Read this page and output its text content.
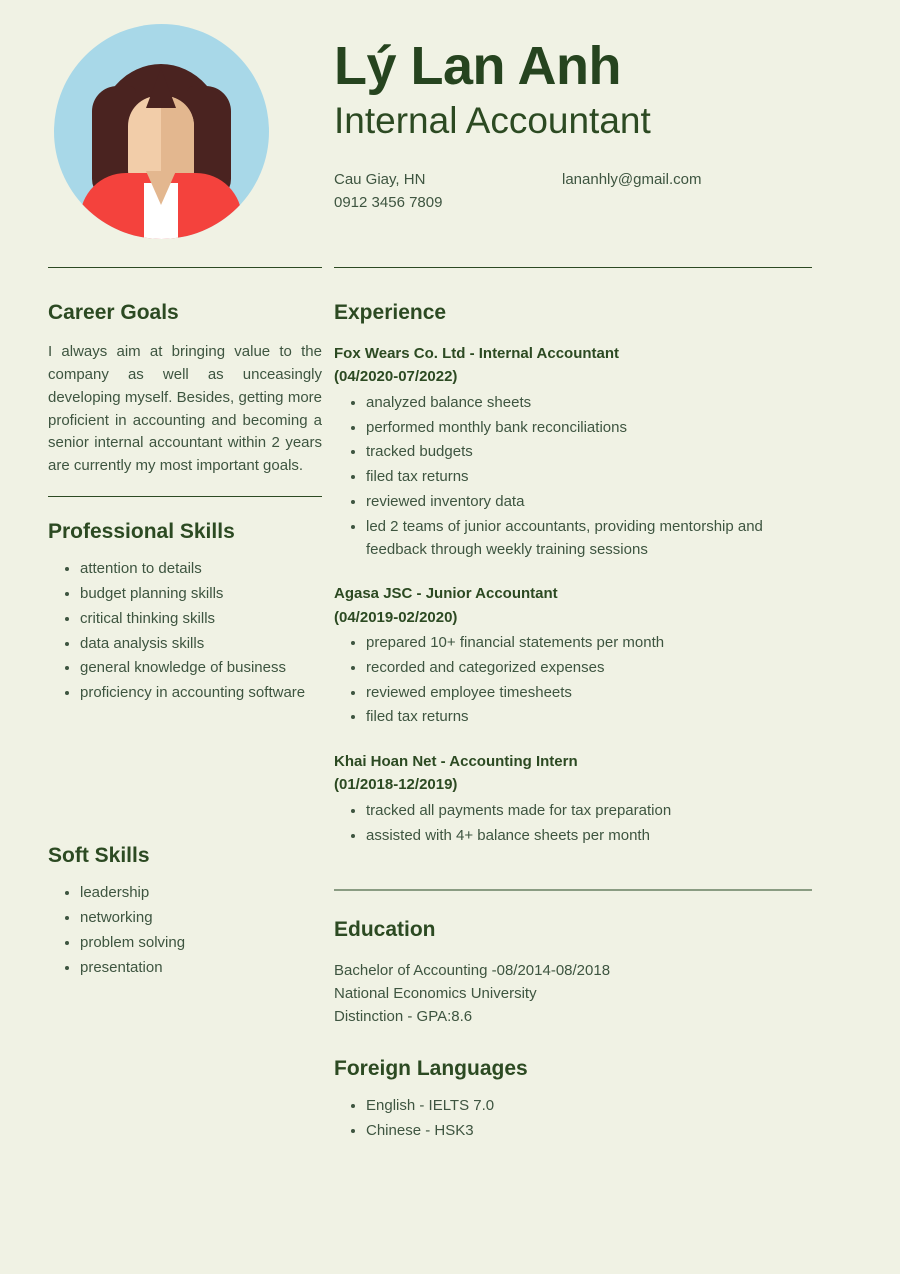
Lý Lan Anh
Internal Accountant
Cau Giay, HN
0912 3456 7809
lananhly@gmail.com
Career Goals

I always aim at bringing value to the company as well as unceasingly developing myself. Besides, getting more proficient in accounting and becoming a senior internal accountant within 2 years are currently my most important goals.

Professional Skills
attention to details
budget planning skills
critical thinking skills
data analysis skills
general knowledge of business
proficiency in accounting software
Soft Skills
leadership
networking
problem solving
presentation
Experience
Fox Wears Co. Ltd - Internal Accountant
(04/2020-07/2022)
analyzed balance sheets
performed monthly bank reconciliations
tracked budgets
filed tax returns
reviewed inventory data
led 2 teams of junior accountants, providing mentorship and feedback through weekly training sessions
Agasa JSC - Junior Accountant
(04/2019-02/2020)
prepared 10+ financial statements per month
recorded and categorized expenses
reviewed employee timesheets
filed tax returns
Khai Hoan Net - Accounting Intern
(01/2018-12/2019)
tracked all payments made for tax preparation
assisted with 4+ balance sheets per month
Education
Bachelor of Accounting -08/2014-08/2018
National Economics University
Distinction - GPA:8.6
Foreign Languages
English - IELTS 7.0
Chinese - HSK3
